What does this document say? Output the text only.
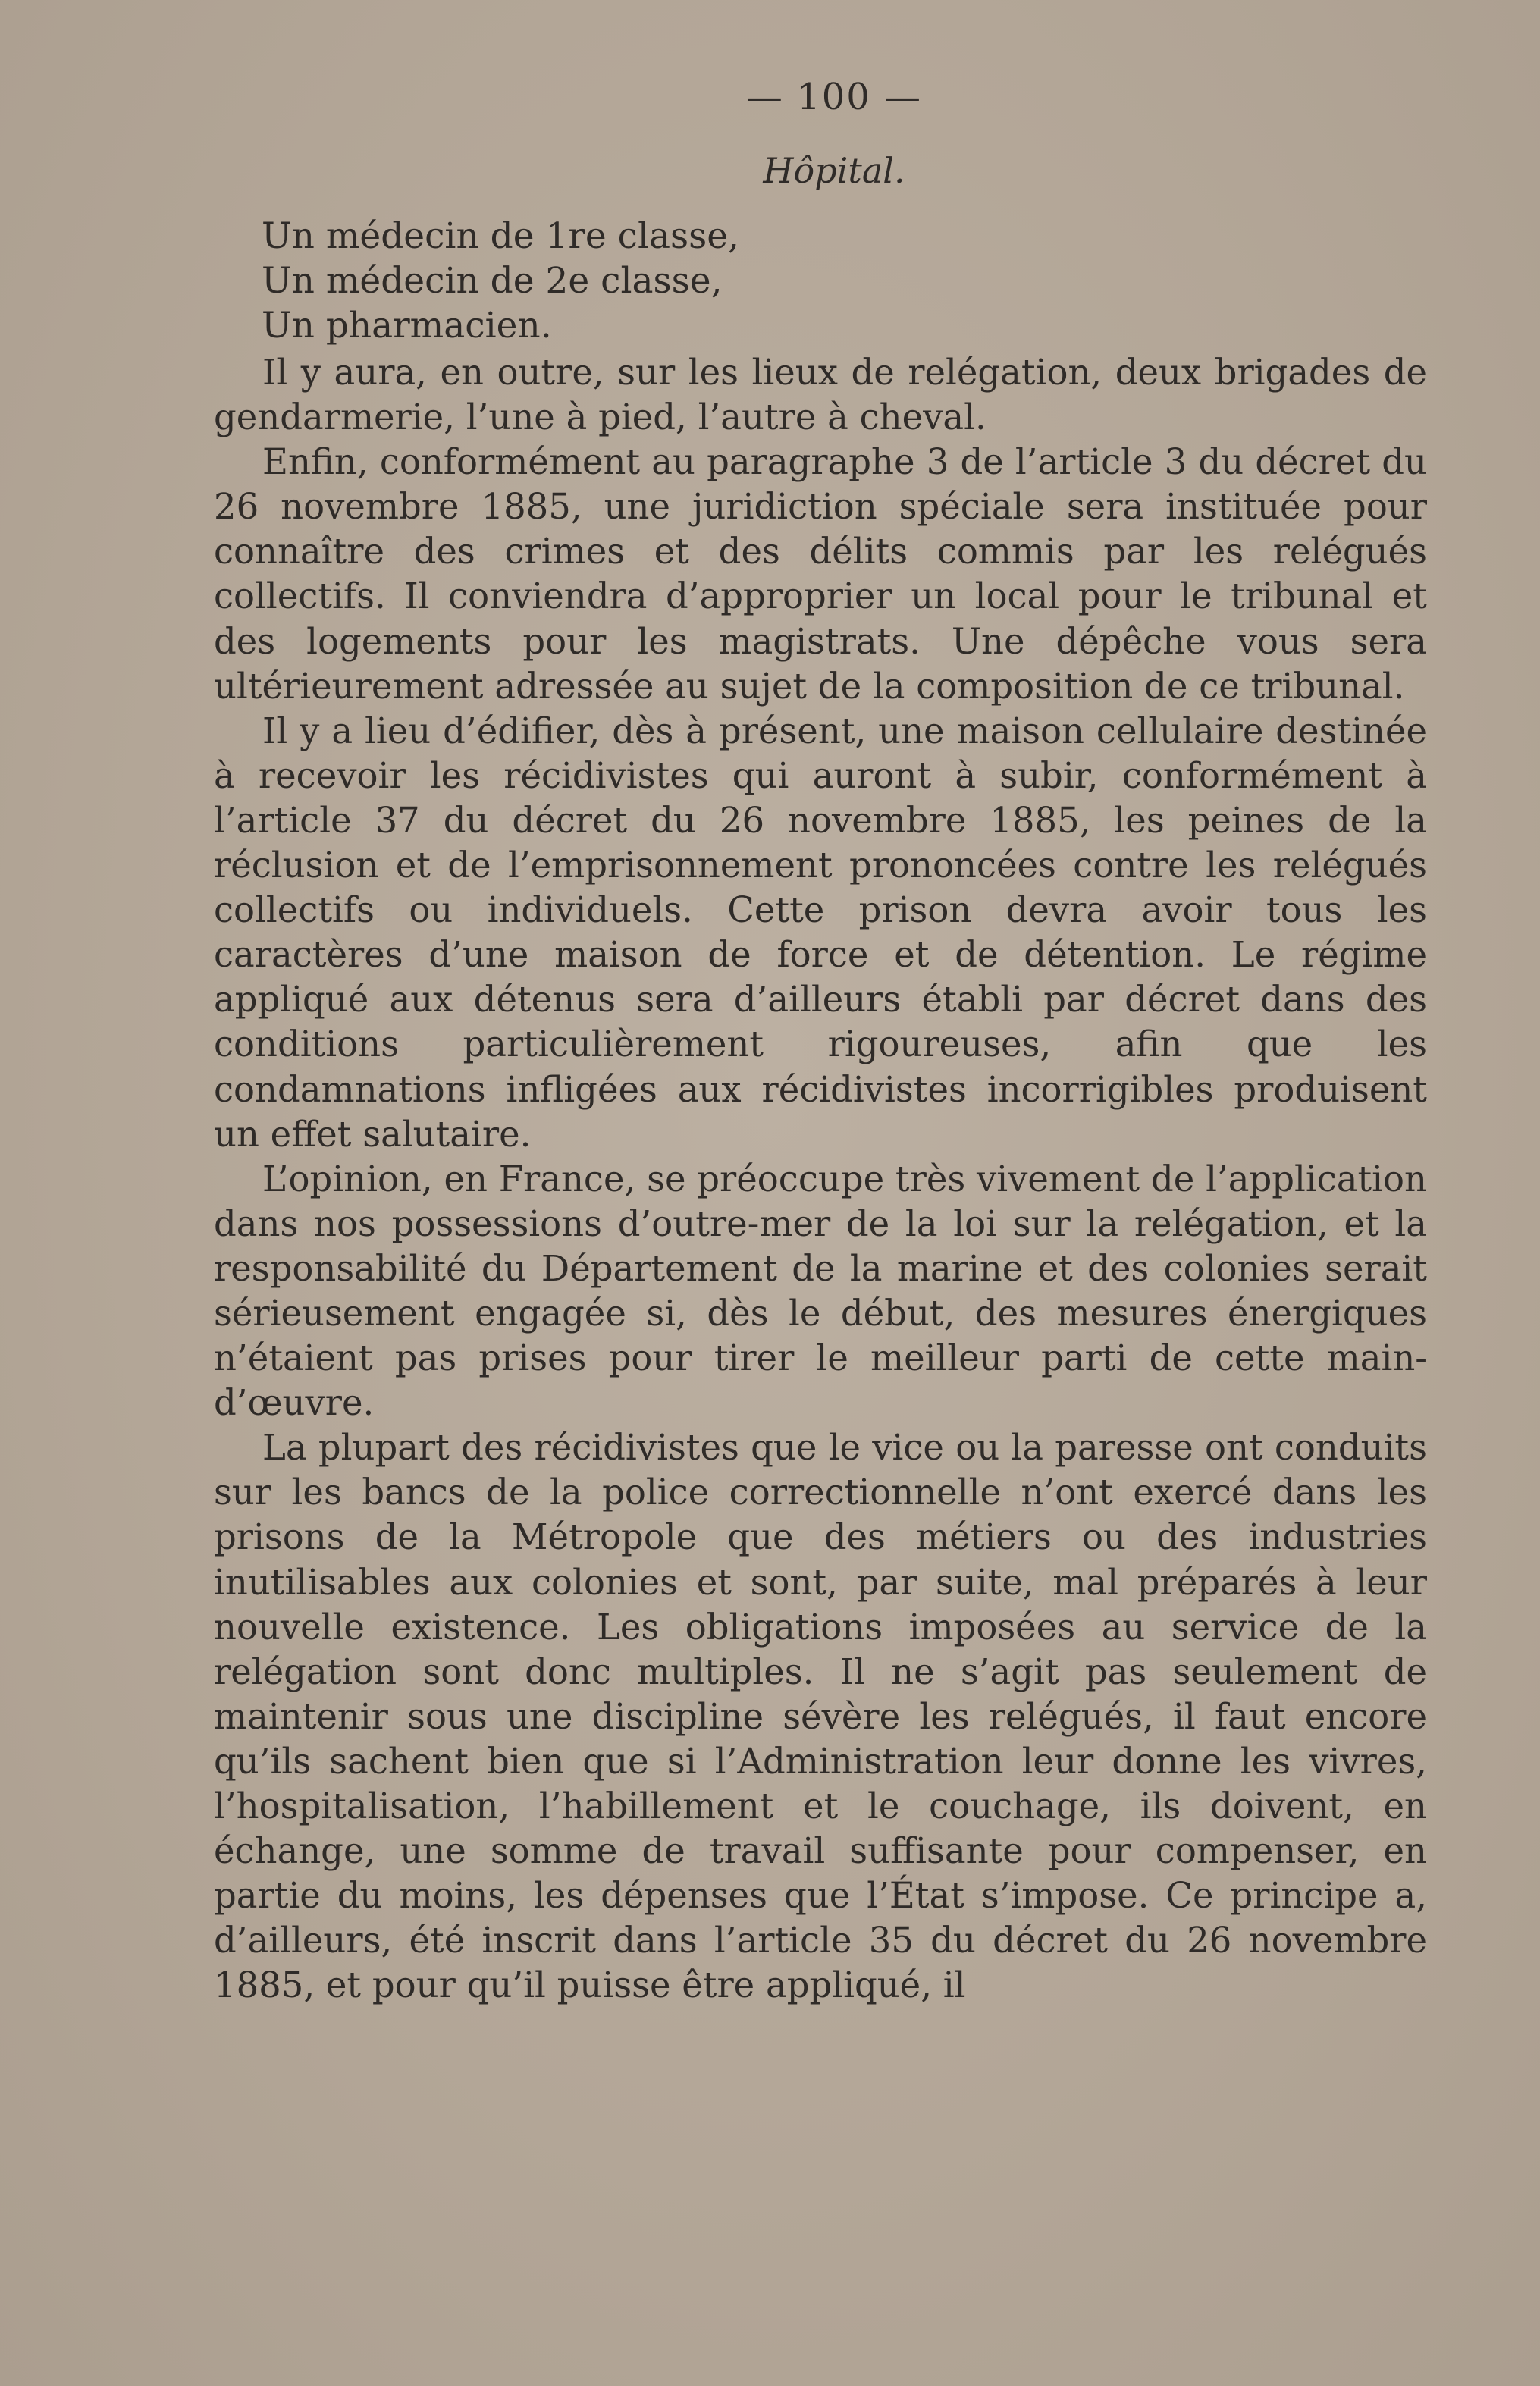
— 100 —
Hôpital.
Un médecin de 1re classe,
Un médecin de 2e classe,
Un pharmacien.

Il y aura, en outre, sur les lieux de relégation, deux brigades de gendarmerie, l’une à pied, l’autre à cheval.

Enfin, conformément au paragraphe 3 de l’article 3 du décret du 26 novembre 1885, une juridiction spéciale sera instituée pour connaître des crimes et des délits commis par les relégués collectifs. Il conviendra d’approprier un local pour le tribunal et des logements pour les magistrats. Une dépêche vous sera ultérieurement adressée au sujet de la composition de ce tribunal.

Il y a lieu d’édifier, dès à présent, une maison cellulaire destinée à recevoir les récidivistes qui auront à subir, conformément à l’article 37 du décret du 26 novembre 1885, les peines de la réclusion et de l’emprisonnement prononcées contre les relégués collectifs ou individuels. Cette prison devra avoir tous les caractères d’une maison de force et de détention. Le régime appliqué aux détenus sera d’ailleurs établi par décret dans des conditions particulièrement rigoureuses, afin que les condamnations infligées aux récidivistes incorrigibles produisent un effet salutaire.

L’opinion, en France, se préoccupe très vivement de l’application dans nos possessions d’outre-mer de la loi sur la relégation, et la responsabilité du Département de la marine et des colonies serait sérieusement engagée si, dès le début, des mesures énergiques n’étaient pas prises pour tirer le meilleur parti de cette main-d’œuvre.

La plupart des récidivistes que le vice ou la paresse ont conduits sur les bancs de la police correctionnelle n’ont exercé dans les prisons de la Métropole que des métiers ou des industries inutilisables aux colonies et sont, par suite, mal préparés à leur nouvelle existence. Les obligations imposées au service de la relégation sont donc multiples. Il ne s’agit pas seulement de maintenir sous une discipline sévère les relégués, il faut encore qu’ils sachent bien que si l’Administration leur donne les vivres, l’hospitalisation, l’habillement et le couchage, ils doivent, en échange, une somme de travail suffisante pour compenser, en partie du moins, les dépenses que l’État s’impose. Ce principe a, d’ailleurs, été inscrit dans l’article 35 du décret du 26 novembre 1885, et pour qu’il puisse être appliqué, il
